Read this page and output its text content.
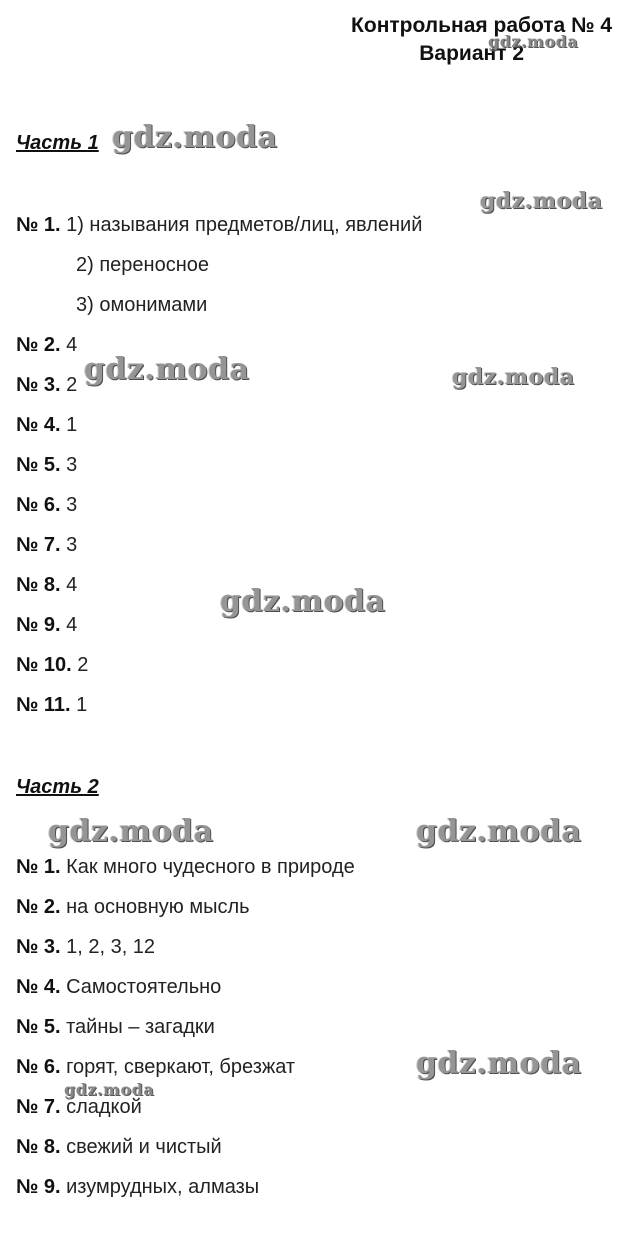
Контрольная работа № 4
Вариант 2
Часть 1
№ 1. 1) называния предметов/лиц, явлений
2) переносное
3) омонимами
№ 2. 4
№ 3. 2
№ 4. 1
№ 5. 3
№ 6. 3
№ 7. 3
№ 8. 4
№ 9. 4
№ 10. 2
№ 11. 1
Часть 2
№ 1. Как много чудесного в природе
№ 2. на основную мысль
№ 3. 1, 2, 3, 12
№ 4. Самостоятельно
№ 5. тайны – загадки
№ 6. горят, сверкают, брезжат
№ 7. сладкой
№ 8. свежий и чистый
№ 9. изумрудных, алмазы
gdz.moda
gdz.moda
gdz.moda
gdz.moda	gdz.moda
gdz.moda
gdz.moda	gdz.moda
gdz.moda
gdz.moda
